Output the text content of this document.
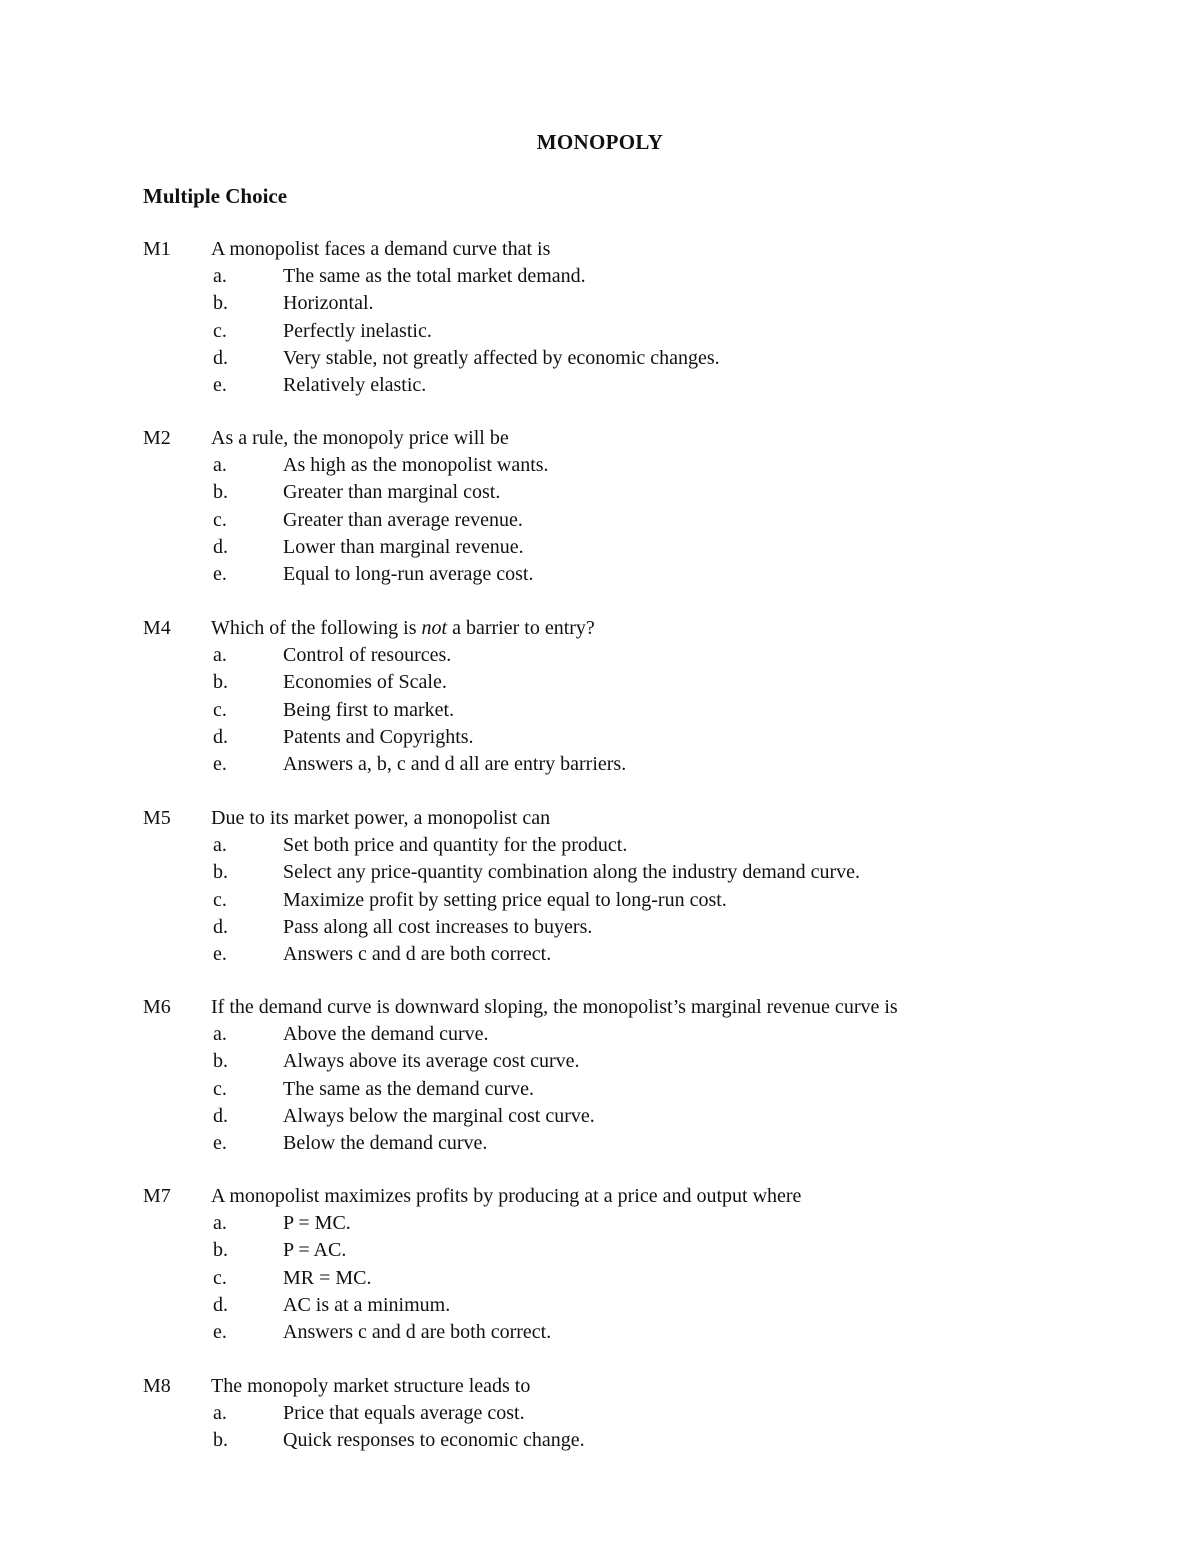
MONOPOLY
Multiple Choice
M1 A monopolist faces a demand curve that is
a.	The same as the total market demand.
b.	Horizontal.
c.	Perfectly inelastic.
d.	Very stable, not greatly affected by economic changes.
e.	Relatively elastic.
M2 As a rule, the monopoly price will be
a.	As high as the monopolist wants.
b.	Greater than marginal cost.
c.	Greater than average revenue.
d.	Lower than marginal revenue.
e.	Equal to long-run average cost.
M4 Which of the following is not a barrier to entry?
a.	Control of resources.
b.	Economies of Scale.
c.	Being first to market.
d.	Patents and Copyrights.
e.	Answers a, b, c and d all are entry barriers.
M5 Due to its market power, a monopolist can
a.	Set both price and quantity for the product.
b.	Select any price-quantity combination along the industry demand curve.
c.	Maximize profit by setting price equal to long-run cost.
d.	Pass along all cost increases to buyers.
e.	Answers c and d are both correct.
M6 If the demand curve is downward sloping, the monopolist’s marginal revenue curve is
a.	Above the demand curve.
b.	Always above its average cost curve.
c.	The same as the demand curve.
d.	Always below the marginal cost curve.
e.	Below the demand curve.
M7 A monopolist maximizes profits by producing at a price and output where
a.	P = MC.
b.	P = AC.
c.	MR = MC.
d.	AC is at a minimum.
e.	Answers c and d are both correct.
M8 The monopoly market structure leads to
a.	Price that equals average cost.
b.	Quick responses to economic change.
